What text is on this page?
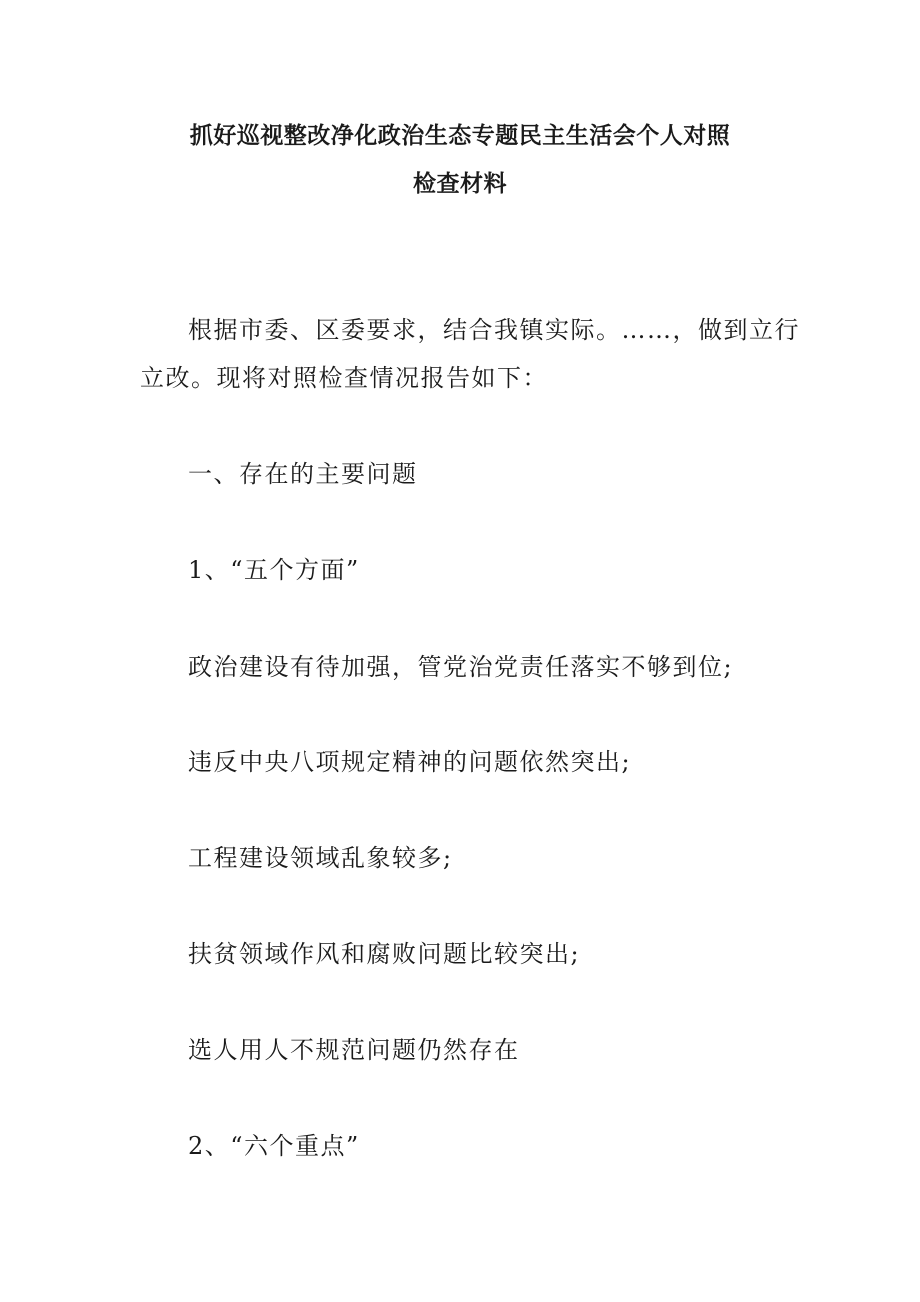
抓好巡视整改净化政治生态专题民主生活会个人对照
检查材料
根据市委、区委要求，结合我镇实际。……，做到立行
立改。现将对照检查情况报告如下：
一、存在的主要问题
1、“五个方面”
政治建设有待加强，管党治党责任落实不够到位;
违反中央八项规定精神的问题依然突出;
工程建设领域乱象较多;
扶贫领域作风和腐败问题比较突出;
选人用人不规范问题仍然存在
2、“六个重点”
